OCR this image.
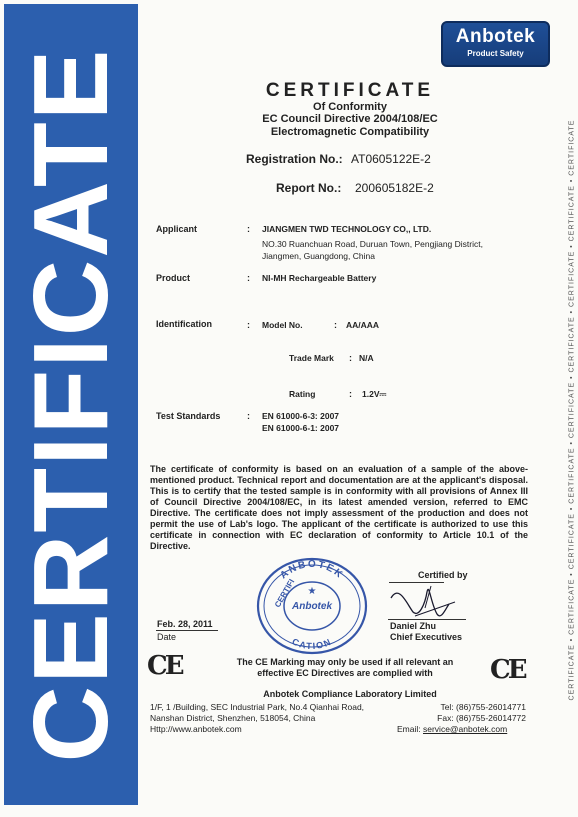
CERTIFICATE	CERTIFICATE • CERTIFICATE • CERTIFICATE • CERTIFICATE • CERTIFICATE • CERTIFICATE • CERTIFICATE • CERTIFICATE • CERTIFICATE
Anbotek
Product Safety
CERTIFICATE
Of Conformity
EC Council Directive 2004/108/EC
Electromagnetic Compatibility
Registration No.: AT0605122E-2
Report No.: 200605182E-2
Applicant	: JIANGMEN TWD TECHNOLOGY CO,, LTD.
NO.30 Ruanchuan Road, Duruan Town, Pengjiang District,
Jiangmen, Guangdong, China
Product	: NI-MH Rechargeable Battery
Identification	: Model No.	: AA/AAA
Trade Mark : N/A
Rating	: 1.2V⎓
Test Standards	: EN 61000-6-3: 2007
EN 61000-6-1: 2007

The certificate of conformity is based on an evaluation of a sample of the above-mentioned product. Technical report and documentation are at the applicant's disposal. This is to certify that the tested sample is in conformity with all provisions of Annex III of Council Directive 2004/108/EC, in its latest amended version, referred to EMC Directive. The certificate does not imply assessment of the production and does not permit the use of Lab's logo. The applicant of the certificate is authorized to use this certificate in connection with EC declaration of conformity to Article 10.1 of the Directive.

ANBOTEK
CATION
CERTIFI
Anbotek
★
Certified by
Daniel Zhu
Chief Executives
Feb. 28, 2011
Date
CE	CE
The CE Marking may only be used if all relevant an
effective EC Directives are complied with
Anbotek Compliance Laboratory Limited
1/F, 1 /Building, SEC Industrial Park, No.4 Qianhai Road,
Nanshan District, Shenzhen, 518054, China
Http://www.anbotek.com
Tel: (86)755-26014771
Fax: (86)755-26014772
Email: service@anbotek.com
